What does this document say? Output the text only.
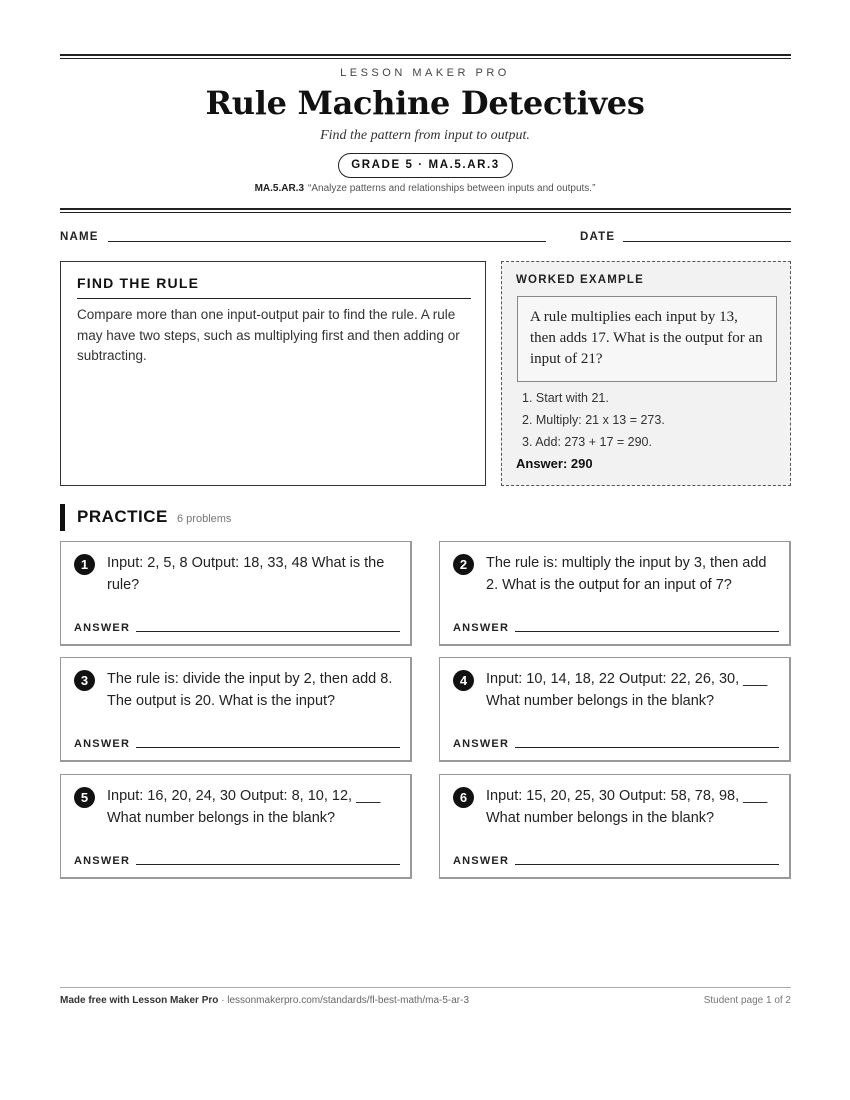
LESSON MAKER PRO
Rule Machine Detectives
Find the pattern from input to output.
GRADE 5 · MA.5.AR.3
MA.5.AR.3 “Analyze patterns and relationships between inputs and outputs.”
NAME	DATE
FIND THE RULE
Compare more than one input-output pair to find the rule. A rule may have two steps, such as multiplying first and then adding or subtracting.
WORKED EXAMPLE
A rule multiplies each input by 13, then adds 17. What is the output for an input of 21?
1. Start with 21.
2. Multiply: 21 x 13 = 273.
3. Add: 273 + 17 = 290.
Answer: 290
PRACTICE 6 problems
1	Input: 2, 5, 8 Output: 18, 33, 48 What is the rule?
ANSWER
2	The rule is: multiply the input by 3, then add 2. What is the output for an input of 7?
ANSWER
3	The rule is: divide the input by 2, then add 8. The output is 20. What is the input?
ANSWER
4	Input: 10, 14, 18, 22 Output: 22, 26, 30, ___ What number belongs in the blank?
ANSWER
5	Input: 16, 20, 24, 30 Output: 8, 10, 12, ___ What number belongs in the blank?
ANSWER
6	Input: 15, 20, 25, 30 Output: 58, 78, 98, ___ What number belongs in the blank?
ANSWER
Made free with Lesson Maker Pro · lessonmakerpro.com/standards/fl-best-math/ma-5-ar-3	Student page 1 of 2
